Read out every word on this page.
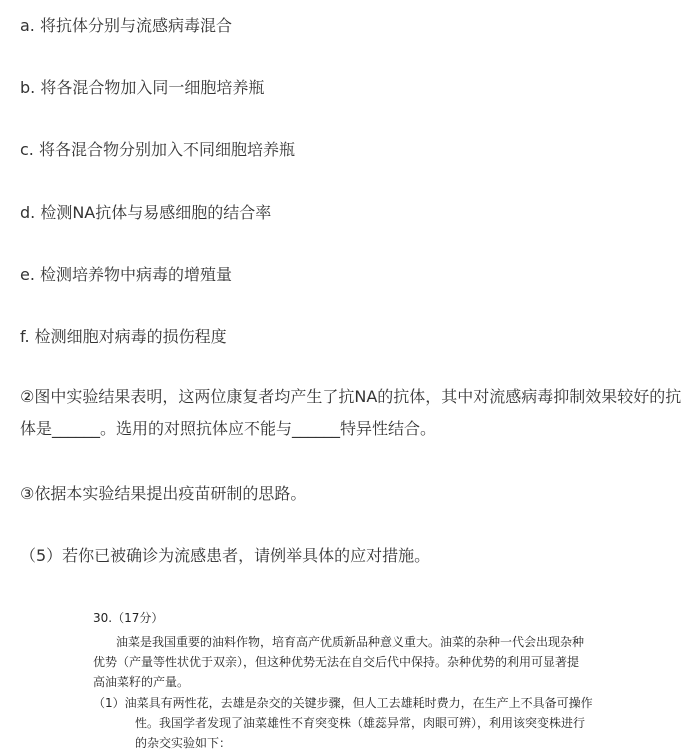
a. 将抗体分别与流感病毒混合
b. 将各混合物加入同一细胞培养瓶
c. 将各混合物分别加入不同细胞培养瓶
d. 检测NA抗体与易感细胞的结合率
e. 检测培养物中病毒的增殖量
f. 检测细胞对病毒的损伤程度
②图中实验结果表明，这两位康复者均产生了抗NA的抗体，其中对流感病毒抑制效果较好的抗体是______。选用的对照抗体应不能与______特异性结合。
③依据本实验结果提出疫苗研制的思路。
（5）若你已被确诊为流感患者，请例举具体的应对措施。
30.（17分）
油菜是我国重要的油料作物，培育高产优质新品种意义重大。油菜的杂种一代会出现杂种
优势（产量等性状优于双亲），但这种优势无法在自交后代中保持。杂种优势的利用可显著提
高油菜籽的产量。
（1）油菜具有两性花，去雄是杂交的关键步骤，但人工去雄耗时费力，在生产上不具备可操作
性。我国学者发现了油菜雄性不育突变株（雄蕊异常，肉眼可辨），利用该突变株进行
的杂交实验如下：
